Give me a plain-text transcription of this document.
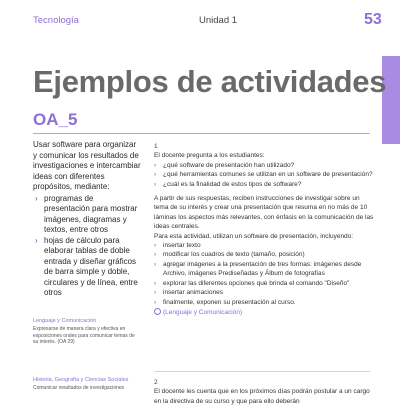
Tecnología	Unidad 1	53
Ejemplos de actividades
OA_5

Usar software para organizar y comunicar los resultados de investigaciones e intercambiar ideas con diferentes propósitos, mediante:

› programas de presentación para mostrar imágenes, diagramas y textos, entre otros
› hojas de cálculo para elaborar tablas de doble entrada y diseñar gráficos de barra simple y doble, circulares y de línea, entre otros
Lenguaje y Comunicación
Expresarse de manera clara y efectiva en exposiciones orales para comunicar temas de su interés. (OA 29)
Historia, Geografía y Ciencias Sociales
Comunicar resultados de investigaciones
1

El docente pregunta a los estudiantes:

› ¿qué software de presentación han utilizado?
› ¿qué herramientas comunes se utilizan en un software de presentación?
› ¿cuál es la finalidad de estos tipos de software?

A partir de sus respuestas, reciben instrucciones de investigar sobre un tema de su interés y crear una presentación que resuma en no más de 10 láminas los aspectos más relevantes, con énfasis en la comunicación de las ideas centrales.

Para esta actividad, utilizan un software de presentación, incluyendo:

› insertar texto
› modificar los cuadros de texto (tamaño, posición)
› agregar imágenes a la presentación de tres formas: imágenes desde Archivo, imágenes Prediseñadas y Álbum de fotografías
› explorar las diferentes opciones que brinda el comando "Diseño"
› insertar animaciones
› finalmente, exponen su presentación al curso.
(Lenguaje y Comunicación)
2

El docente les cuenta que en los próximos días podrán postular a un cargo en la directiva de su curso y que para ello deberán
